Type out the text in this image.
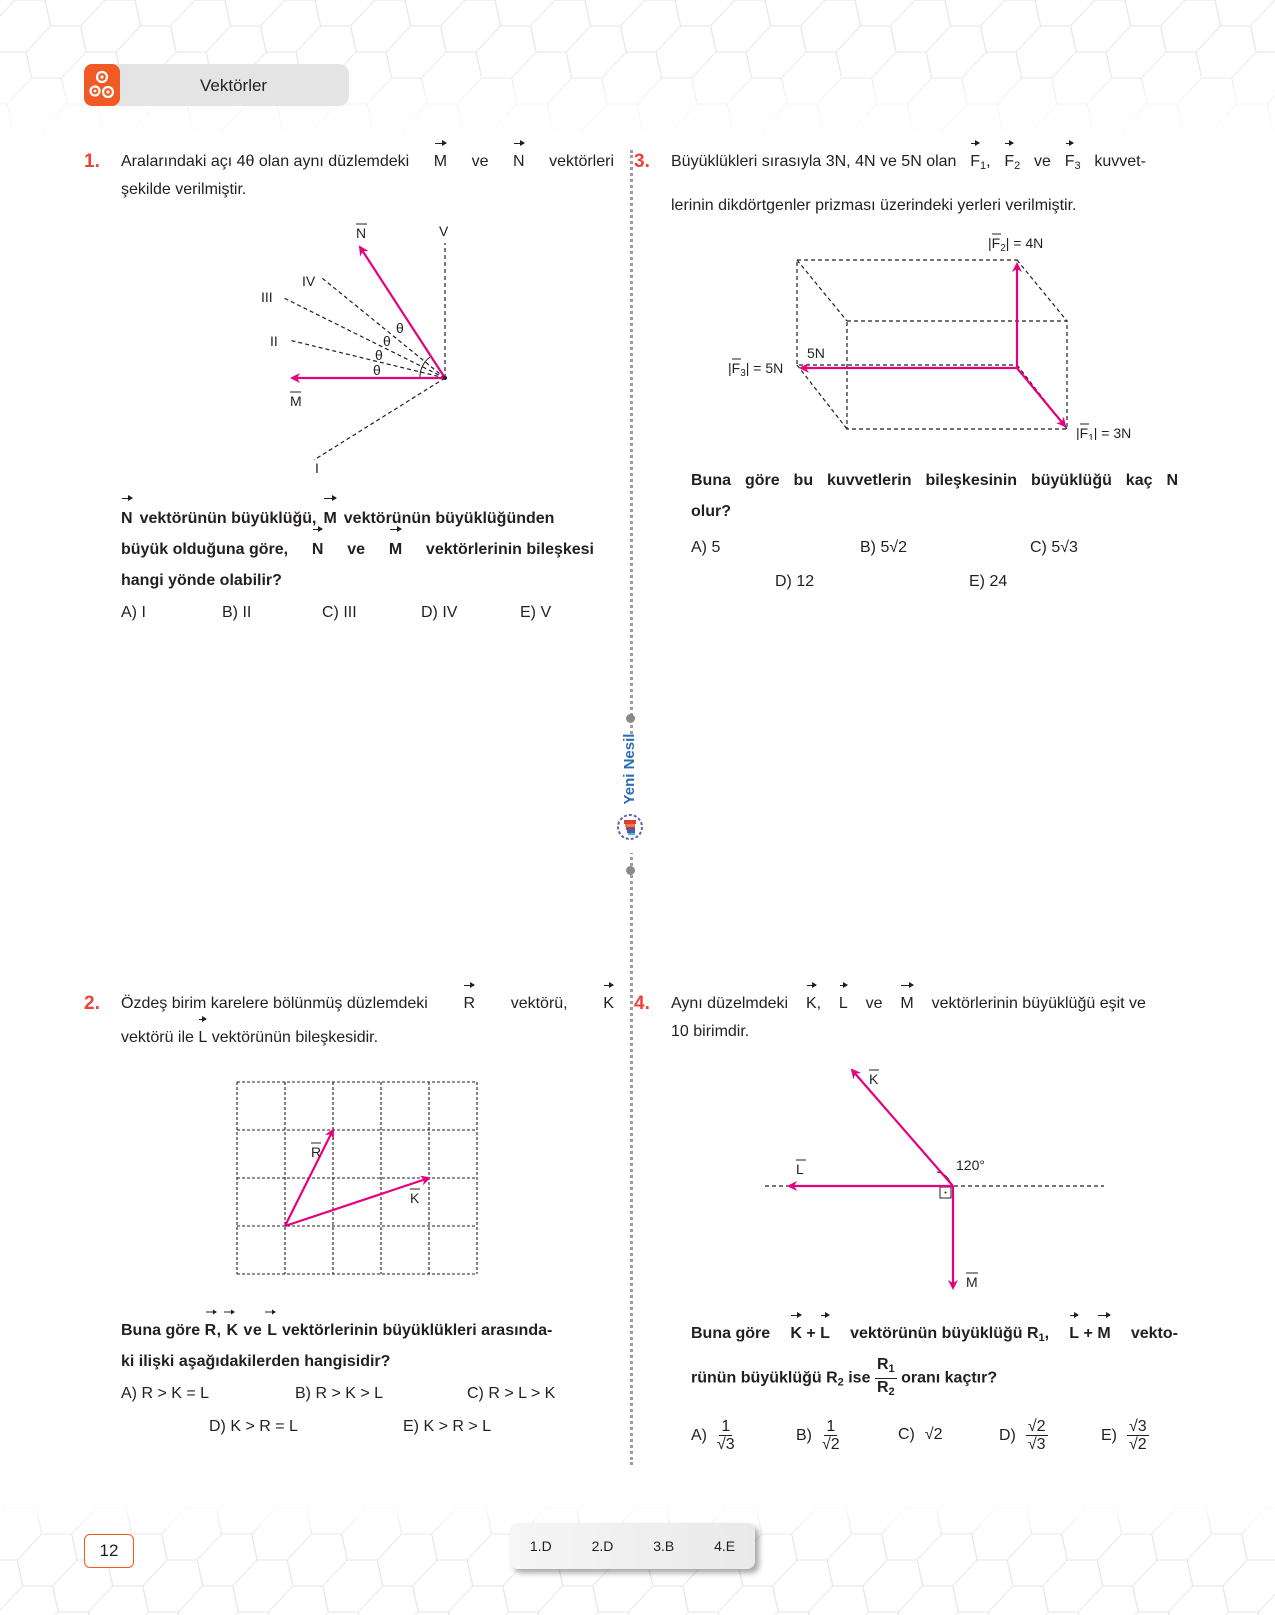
Vektörler
Yeni Nesil
1.	Aralarındaki açı 4θ olan aynı düzlemdeki M ve N vektörleri
şekilde verilmiştir.
N	V
IV
III
II
I
M
θ
θ
θ
θ
N vektörünün büyüklüğü, M vektörünün büyüklüğünden
büyük olduğuna göre, N ve M vektörlerinin bileşkesi
hangi yönde olabilir?
A) I	B) II	C) III	D) IV	E) V
3.	Büyüklükleri sırasıyla 3N, 4N ve 5N olan $F_1$, $F_2$ ve $F_3$ kuvvet-
lerinin dikdörtgenler prizması üzerindeki yerleri verilmiştir.
$|F_2| = 4N$
$|F_3| = 5N$
5N
$|F_1| = 3N$
Buna göre bu kuvvetlerin bileşkesinin büyüklüğü kaç N
olur?
A) 5	B) 5√2	C) 5√3
D) 12	E) 24
2.	Özdeş birim karelere bölünmüş düzlemdeki R vektörü, K
vektörü ile L vektörünün bileşkesidir.
R
K
Buna göre R, K ve L vektörlerinin büyüklükleri arasında-
ki ilişki aşağıdakilerden hangisidir?
A) R > K = L	B) R > K > L	C) R > L > K
D) K > R = L	E) K > R > L
4.	Aynı düzelmdeki K, L ve M vektörlerinin büyüklüğü eşit ve
10 birimdir.
K
L
M
120°
Buna göre K + L vektörünün büyüklüğü $R_1$, L + M vekto-
rünün büyüklüğü $R_2$ ise $\frac{R_1}{R_2}$ oranı kaçtır?
$A) \frac{1}{√3}$	$B) \frac{1}{√2}$	C) √2	$D) \frac{√2}{√3}$	$E) \frac{√3}{√2}$
12	1.D	2.D	3.B	4.E
